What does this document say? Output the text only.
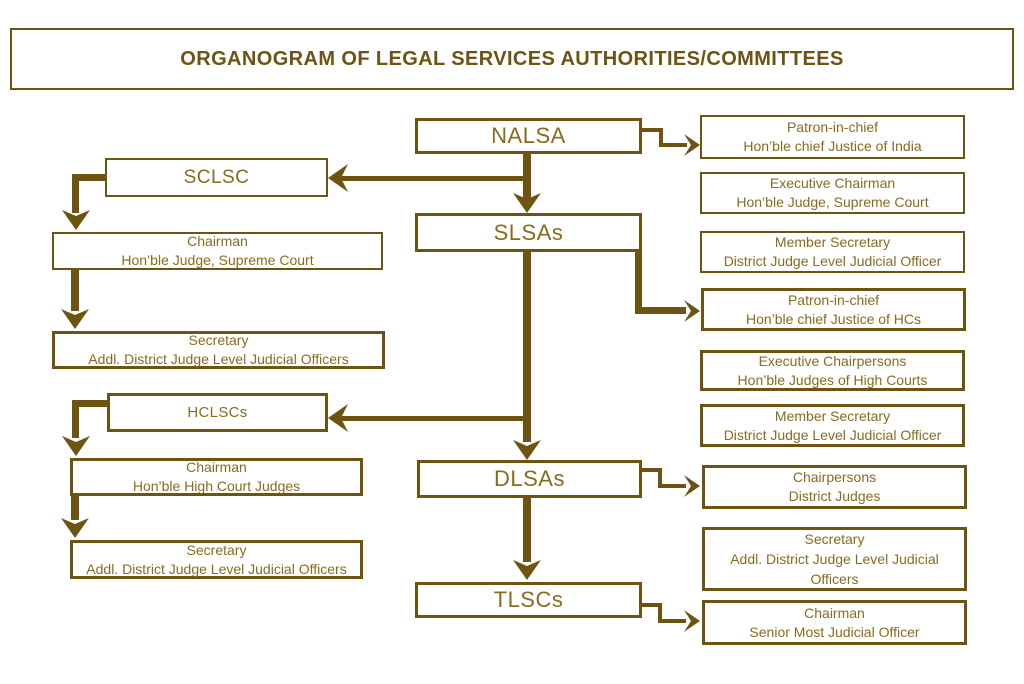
ORGANOGRAM OF LEGAL SERVICES AUTHORITIES/COMMITTEES
NALSA
SLSAs
DLSAs
TLSCs
SCLSC
HCLSCs
Chairman
Hon’ble Judge, Supreme Court
Secretary
Addl. District Judge Level Judicial Officers
Chairman
Hon’ble High Court Judges
Secretary
Addl. District Judge Level Judicial Officers
Patron-in-chief
Hon’ble chief Justice of India
Executive Chairman
Hon’ble Judge, Supreme Court
Member Secretary
District Judge Level Judicial Officer
Patron-in-chief
Hon’ble chief Justice of HCs
Executive Chairpersons
Hon’ble Judges of High Courts
Member Secretary
District Judge Level Judicial Officer
Chairpersons
District Judges
Secretary
Addl. District Judge Level Judicial Officers
Chairman
Senior Most Judicial Officer
